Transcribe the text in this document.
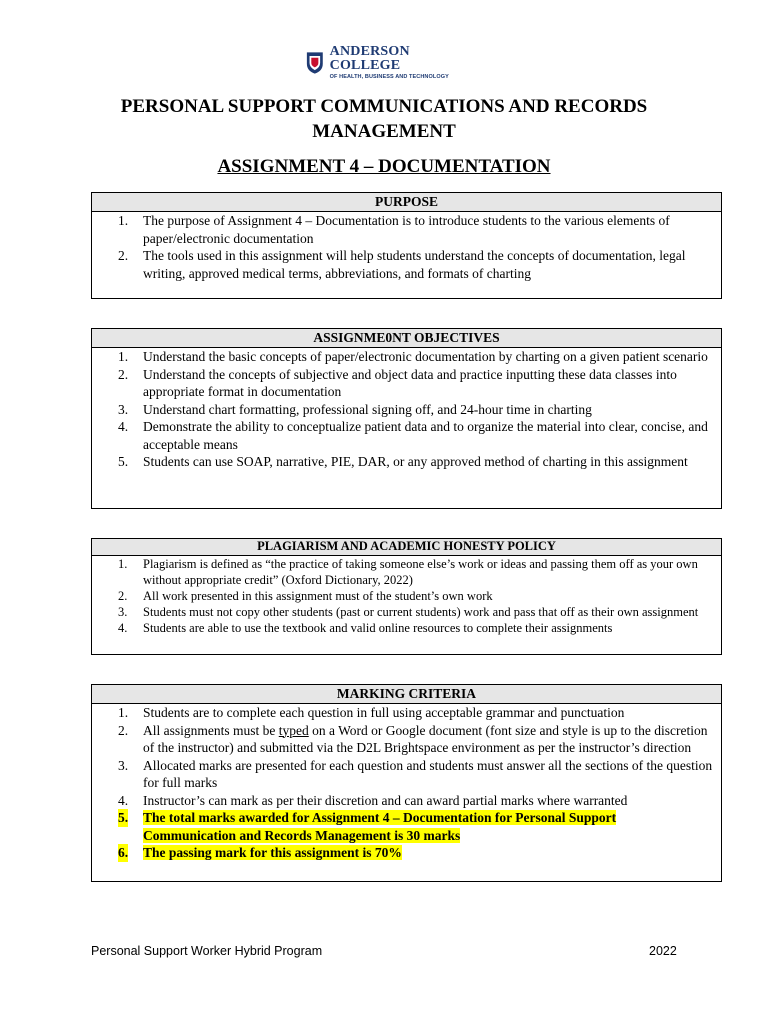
ANDERSON COLLEGE
OF HEALTH, BUSINESS AND TECHNOLOGY
PERSONAL SUPPORT COMMUNICATIONS AND RECORDS
MANAGEMENT
ASSIGNMENT 4 – DOCUMENTATION
PURPOSE
1. The purpose of Assignment 4 – Documentation is to introduce students to the various elements of paper/electronic documentation
2. The tools used in this assignment will help students understand the concepts of documentation, legal writing, approved medical terms, abbreviations, and formats of charting
ASSIGNME0NT OBJECTIVES
1. Understand the basic concepts of paper/electronic documentation by charting on a given patient scenario
2. Understand the concepts of subjective and object data and practice inputting these data classes into appropriate format in documentation
3. Understand chart formatting, professional signing off, and 24-hour time in charting
4. Demonstrate the ability to conceptualize patient data and to organize the material into clear, concise, and acceptable means
5. Students can use SOAP, narrative, PIE, DAR, or any approved method of charting in this assignment
PLAGIARISM AND ACADEMIC HONESTY POLICY
1. Plagiarism is defined as “the practice of taking someone else’s work or ideas and passing them off as your own without appropriate credit” (Oxford Dictionary, 2022)
2. All work presented in this assignment must of the student’s own work
3. Students must not copy other students (past or current students) work and pass that off as their own assignment
4. Students are able to use the textbook and valid online resources to complete their assignments
MARKING CRITERIA
1. Students are to complete each question in full using acceptable grammar and punctuation
2. All assignments must be typed on a Word or Google document (font size and style is up to the discretion of the instructor) and submitted via the D2L Brightspace environment as per the instructor’s direction
3. Allocated marks are presented for each question and students must answer all the sections of the question for full marks
4. Instructor’s can mark as per their discretion and can award partial marks where warranted
5. The total marks awarded for Assignment 4 – Documentation for Personal Support
Communication and Records Management is 30 marks
6. The passing mark for this assignment is 70%
Personal Support Worker Hybrid Program	2022
